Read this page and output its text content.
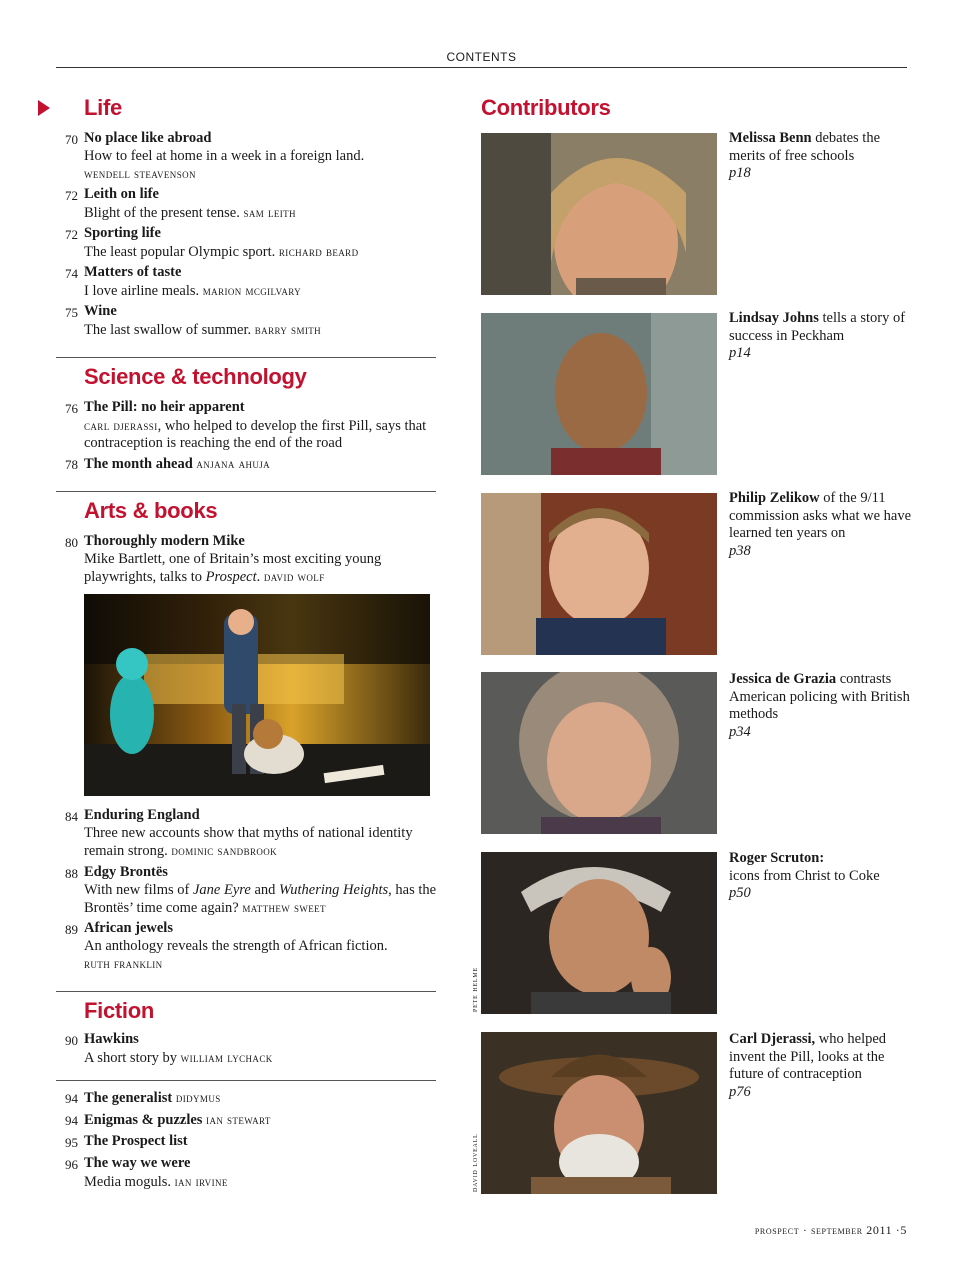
CONTENTS
Life
70 No place like abroad
How to feel at home in a week in a foreign land.
wendell steavenson
72 Leith on life
Blight of the present tense. sam leith
72 Sporting life
The least popular Olympic sport. richard beard
74 Matters of taste
I love airline meals. marion mcgilvary
75 Wine
The last swallow of summer. barry smith
Science & technology
76 The Pill: no heir apparent
carl djerassi, who helped to develop the first Pill, says that contraception is reaching the end of the road
78 The month ahead anjana ahuja
Arts & books
80 Thoroughly modern Mike
Mike Bartlett, one of Britain’s most exciting young playwrights, talks to Prospect. david wolf
84 Enduring England
Three new accounts show that myths of national identity remain strong. dominic sandbrook
88 Edgy Brontës
With new films of Jane Eyre and Wuthering Heights, has the Brontës’ time come again? matthew sweet
89 African jewels
An anthology reveals the strength of African fiction.
ruth franklin
Fiction
90 Hawkins
A short story by william lychack
94 The generalist didymus
94 Enigmas & puzzles ian stewart
95 The Prospect list
96 The way we were
Media moguls. ian irvine
Contributors
Melissa Benn debates the merits of free schools
p18
Lindsay Johns tells a story of success in Peckham
p14
Philip Zelikow of the 9/11 commission asks what we have learned ten years on
p38
Jessica de Grazia contrasts American policing with British methods
p34
Roger Scruton:
icons from Christ to Coke
p50
Carl Djerassi, who helped invent the Pill, looks at the future of contraception
p76
pete helme
david loveall
prospect · september 2011 ·5
